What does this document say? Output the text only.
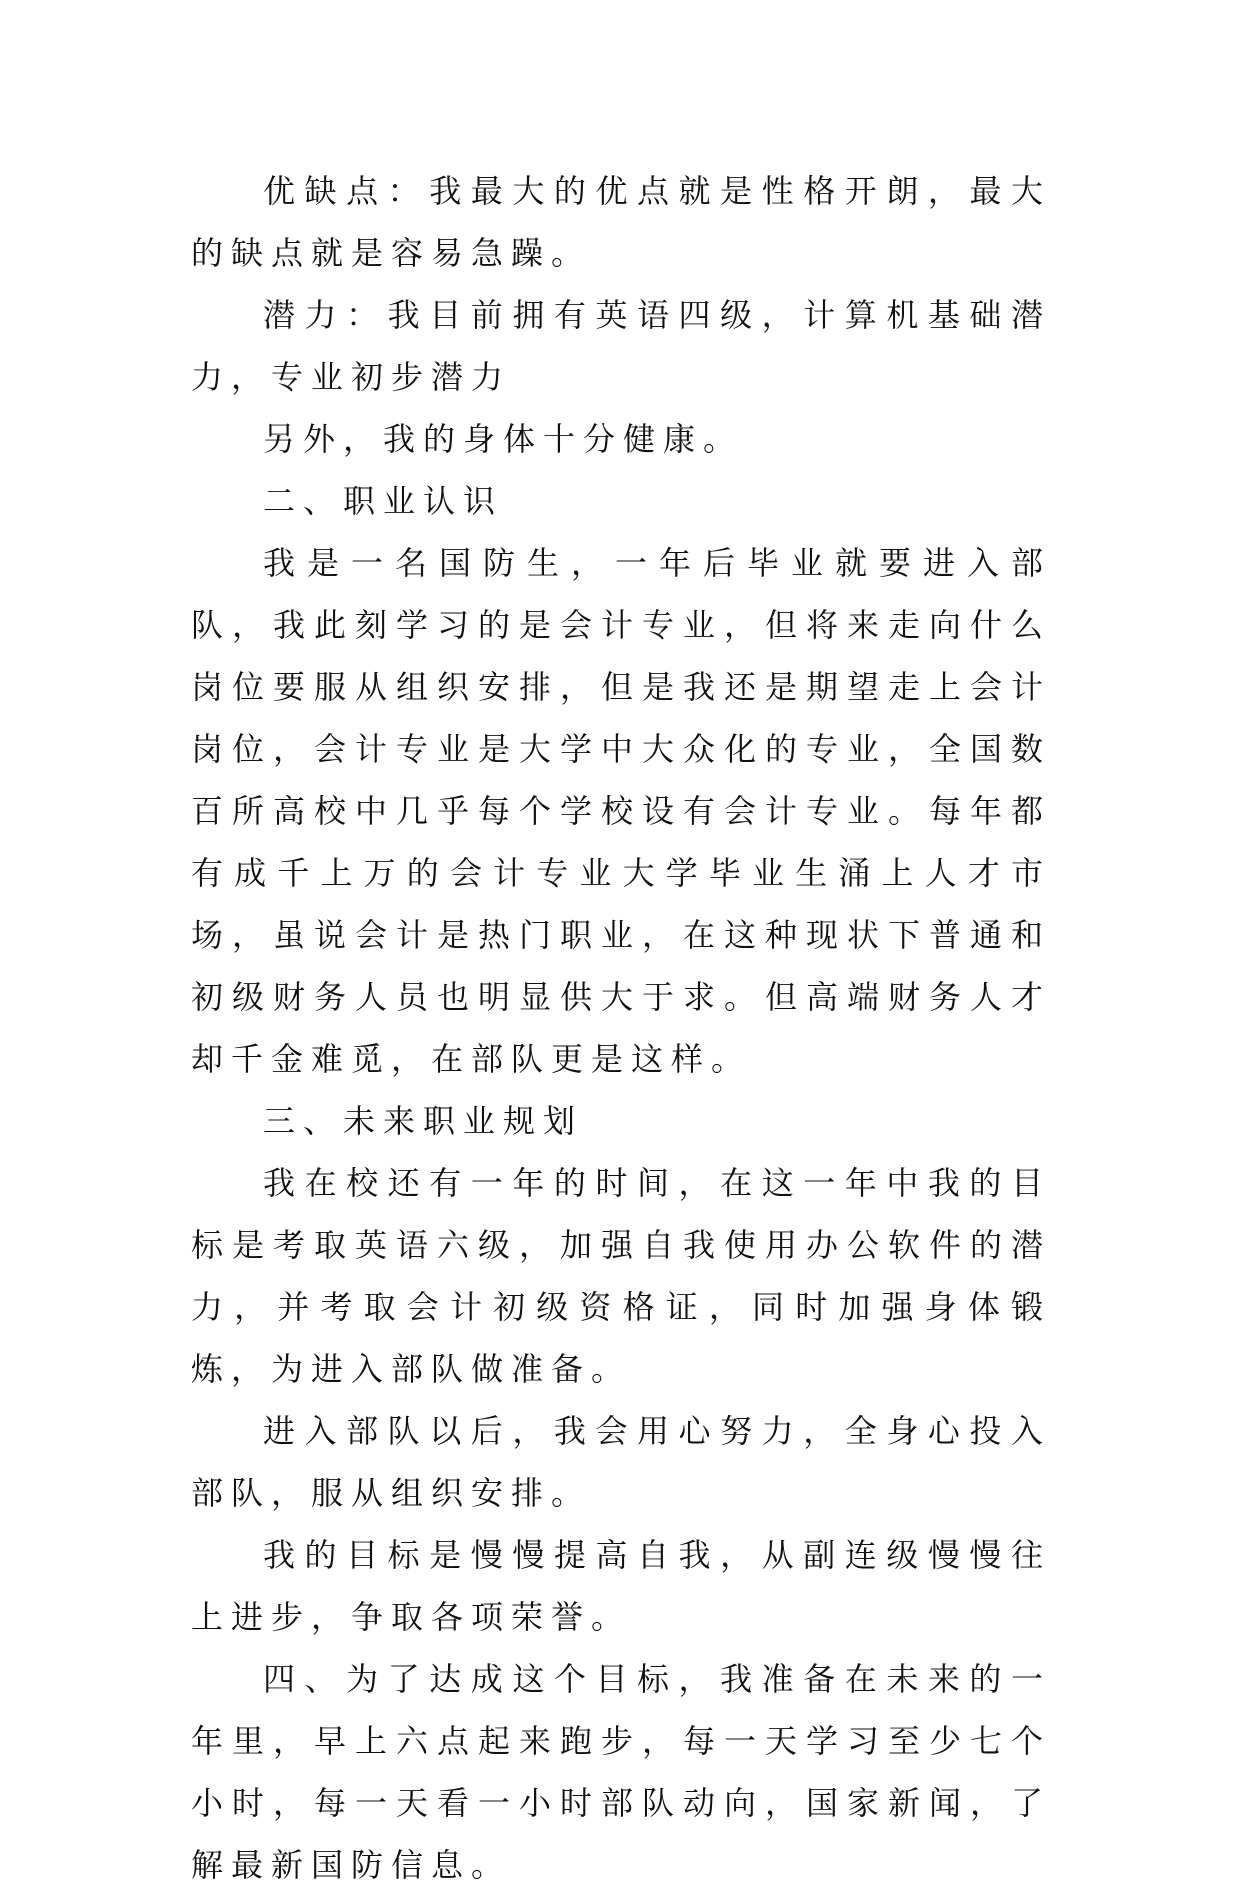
优缺点：我最大的优点就是性格开朗，最大的缺点就是容易急躁。

潜力：我目前拥有英语四级，计算机基础潜力，专业初步潜力

另外，我的身体十分健康。

二、职业认识

我是一名国防生，一年后毕业就要进入部队，我此刻学习的是会计专业，但将来走向什么岗位要服从组织安排，但是我还是期望走上会计岗位，会计专业是大学中大众化的专业，全国数百所高校中几乎每个学校设有会计专业。每年都有成千上万的会计专业大学毕业生涌上人才市场，虽说会计是热门职业，在这种现状下普通和初级财务人员也明显供大于求。但高端财务人才却千金难觅，在部队更是这样。

三、未来职业规划

我在校还有一年的时间，在这一年中我的目标是考取英语六级，加强自我使用办公软件的潜力，并考取会计初级资格证，同时加强身体锻炼，为进入部队做准备。

进入部队以后，我会用心努力，全身心投入部队，服从组织安排。

我的目标是慢慢提高自我，从副连级慢慢往上进步，争取各项荣誉。

四、为了达成这个目标，我准备在未来的一年里，早上六点起来跑步，每一天学习至少七个小时，每一天看一小时部队动向，国家新闻，了解最新国防信息。
